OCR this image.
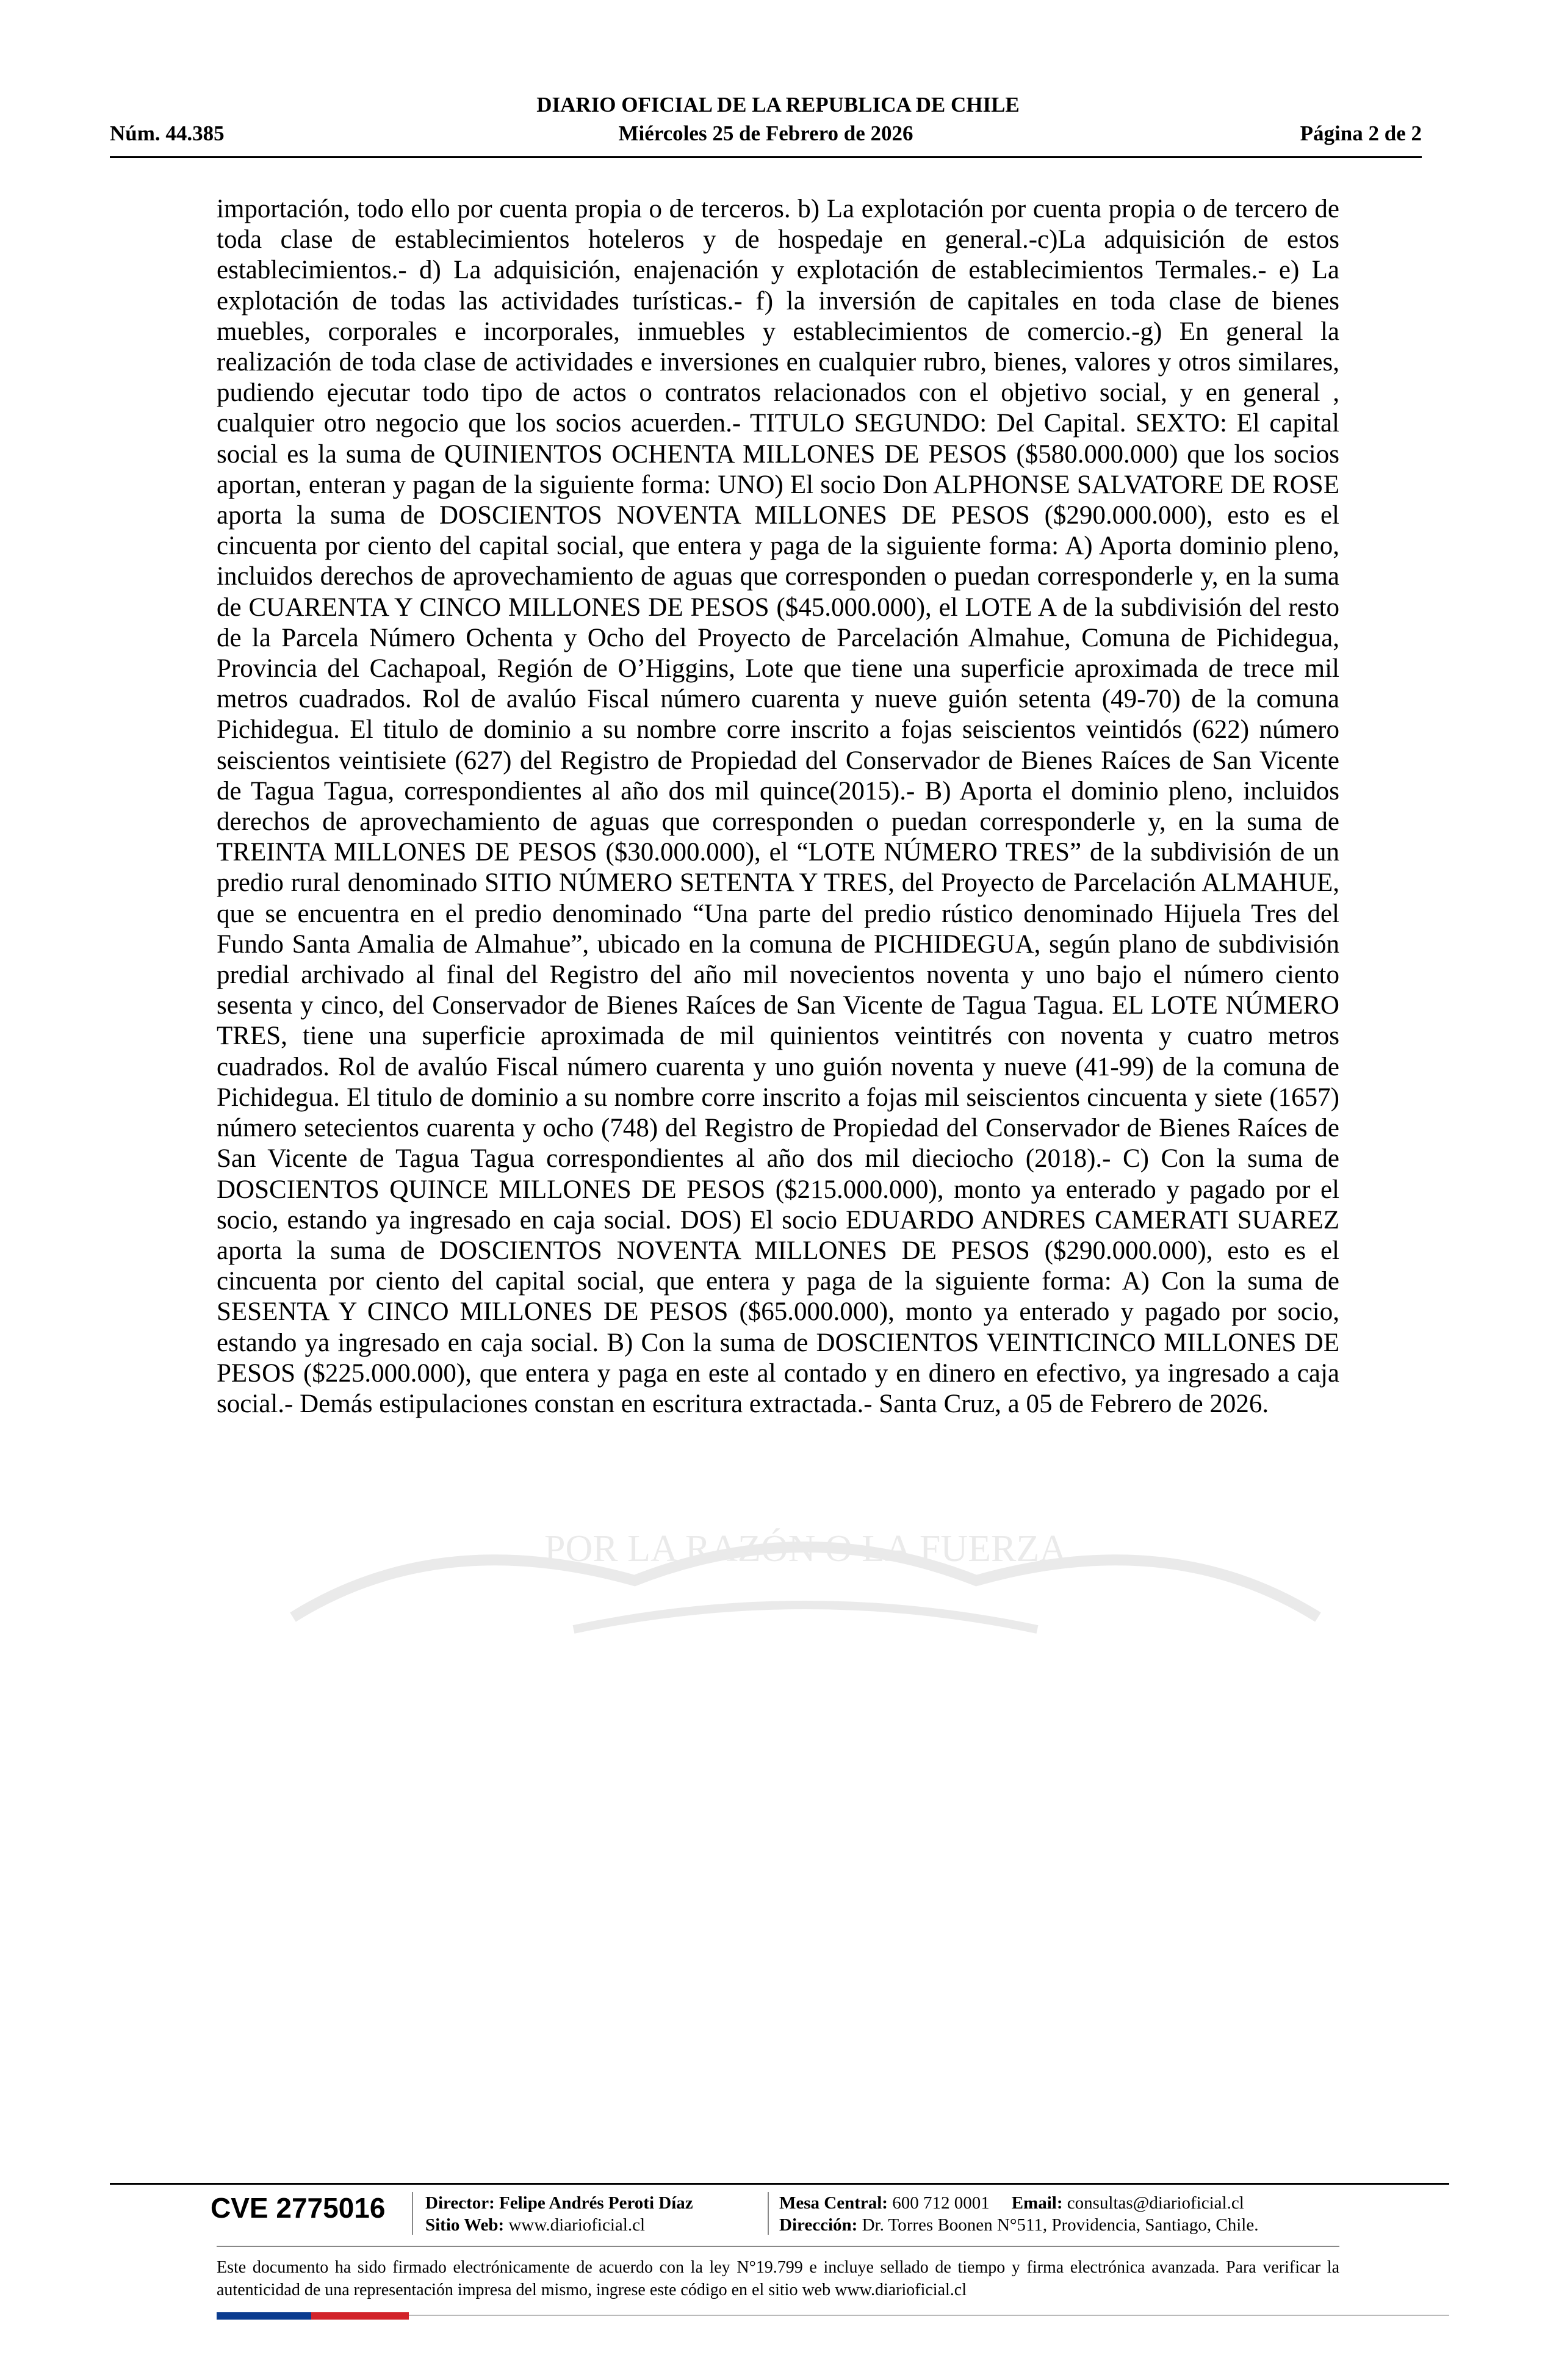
DIARIO OFICIAL DE LA REPUBLICA DE CHILE
Miércoles 25 de Febrero de 2026
Núm. 44.385	Página 2 de 2
POR LA RAZÓN O LA FUERZA

importación, todo ello por cuenta propia o de terceros. b) La explotación por cuenta propia o de tercero de toda clase de establecimientos hoteleros y de hospedaje en general.-c)La adquisición de estos establecimientos.- d) La adquisición, enajenación y explotación de establecimientos Termales.- e) La explotación de todas las actividades turísticas.- f) la inversión de capitales en toda clase de bienes muebles, corporales e incorporales, inmuebles y establecimientos de comercio.-g) En general la realización de toda clase de actividades e inversiones en cualquier rubro, bienes, valores y otros similares, pudiendo ejecutar todo tipo de actos o contratos relacionados con el objetivo social, y en general , cualquier otro negocio que los socios acuerden.- TITULO SEGUNDO: Del Capital. SEXTO: El capital social es la suma de QUINIENTOS OCHENTA MILLONES DE PESOS ($580.000.000) que los socios aportan, enteran y pagan de la siguiente forma: UNO) El socio Don ALPHONSE SALVATORE DE ROSE aporta la suma de DOSCIENTOS NOVENTA MILLONES DE PESOS ($290.000.000), esto es el cincuenta por ciento del capital social, que entera y paga de la siguiente forma: A) Aporta dominio pleno, incluidos derechos de aprovechamiento de aguas que corresponden o puedan corresponderle y, en la suma de CUARENTA Y CINCO MILLONES DE PESOS ($45.000.000), el LOTE A de la subdivisión del resto de la Parcela Número Ochenta y Ocho del Proyecto de Parcelación Almahue, Comuna de Pichidegua, Provincia del Cachapoal, Región de O’Higgins, Lote que tiene una superficie aproximada de trece mil metros cuadrados. Rol de avalúo Fiscal número cuarenta y nueve guión setenta (49-70) de la comuna Pichidegua. El titulo de dominio a su nombre corre inscrito a fojas seiscientos veintidós (622) número seiscientos veintisiete (627) del Registro de Propiedad del Conservador de Bienes Raíces de San Vicente de Tagua Tagua, correspondientes al año dos mil quince(2015).- B) Aporta el dominio pleno, incluidos derechos de aprovechamiento de aguas que corresponden o puedan corresponderle y, en la suma de TREINTA MILLONES DE PESOS ($30.000.000), el “LOTE NÚMERO TRES” de la subdivisión de un predio rural denominado SITIO NÚMERO SETENTA Y TRES, del Proyecto de Parcelación ALMAHUE, que se encuentra en el predio denominado “Una parte del predio rústico denominado Hijuela Tres del Fundo Santa Amalia de Almahue”, ubicado en la comuna de PICHIDEGUA, según plano de subdivisión predial archivado al final del Registro del año mil novecientos noventa y uno bajo el número ciento sesenta y cinco, del Conservador de Bienes Raíces de San Vicente de Tagua Tagua. EL LOTE NÚMERO TRES, tiene una superficie aproximada de mil quinientos veintitrés con noventa y cuatro metros cuadrados. Rol de avalúo Fiscal número cuarenta y uno guión noventa y nueve (41-99) de la comuna de Pichidegua. El titulo de dominio a su nombre corre inscrito a fojas mil seiscientos cincuenta y siete (1657) número setecientos cuarenta y ocho (748) del Registro de Propiedad del Conservador de Bienes Raíces de San Vicente de Tagua Tagua correspondientes al año dos mil dieciocho (2018).- C) Con la suma de DOSCIENTOS QUINCE MILLONES DE PESOS ($215.000.000), monto ya enterado y pagado por el socio, estando ya ingresado en caja social. DOS) El socio EDUARDO ANDRES CAMERATI SUAREZ aporta la suma de DOSCIENTOS NOVENTA MILLONES DE PESOS ($290.000.000), esto es el cincuenta por ciento del capital social, que entera y paga de la siguiente forma: A) Con la suma de SESENTA Y CINCO MILLONES DE PESOS ($65.000.000), monto ya enterado y pagado por socio, estando ya ingresado en caja social. B) Con la suma de DOSCIENTOS VEINTICINCO MILLONES DE PESOS ($225.000.000), que entera y paga en este al contado y en dinero en efectivo, ya ingresado a caja social.- Demás estipulaciones constan en escritura extractada.- Santa Cruz, a 05 de Febrero de 2026.

CVE 2775016 Director: Felipe Andrés Peroti Díaz
Sitio Web: www.diarioficial.cl
Mesa Central: 600 712 0001 Email: consultas@diarioficial.cl
Dirección: Dr. Torres Boonen N°511, Providencia, Santiago, Chile.
Este documento ha sido firmado electrónicamente de acuerdo con la ley N°19.799 e incluye sellado de tiempo y firma electrónica avanzada. Para verificar la autenticidad de una representación impresa del mismo, ingrese este código en el sitio web www.diarioficial.cl
